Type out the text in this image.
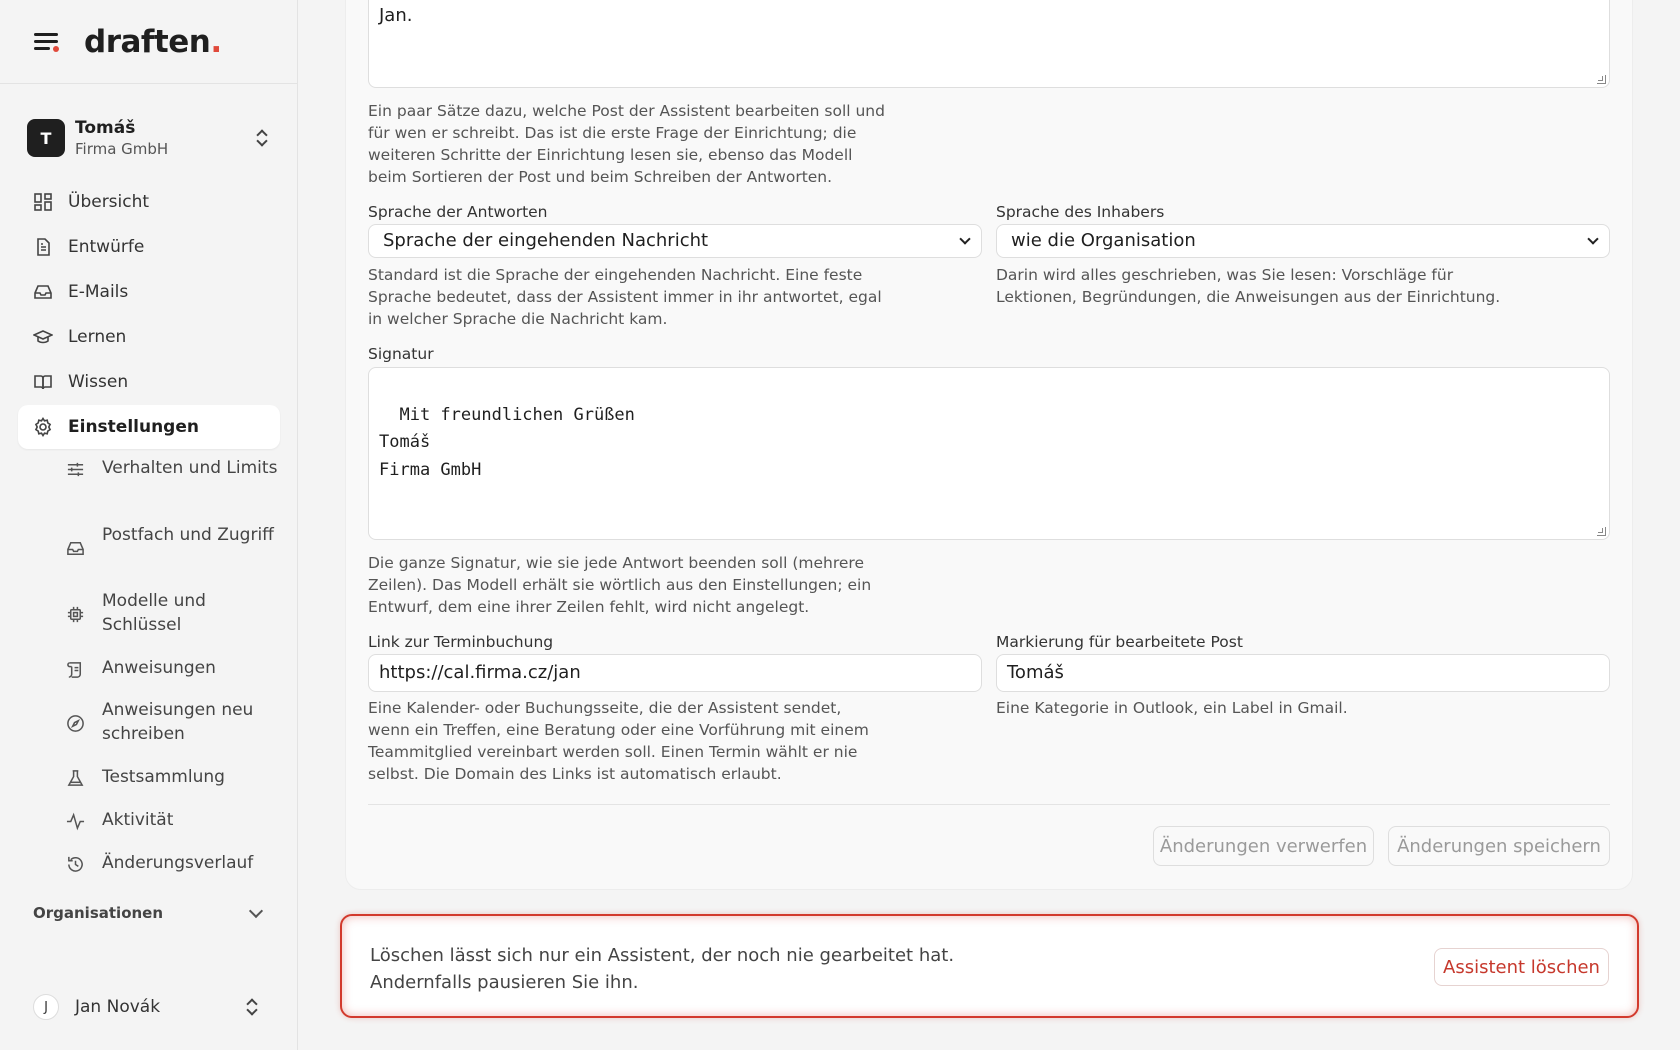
draften.
T	Tomáš
Firma GmbH
Übersicht
Entwürfe
E-Mails
Lernen
Wissen
Einstellungen
Verhalten und Limits
Postfach und Zugriff
Modelle und Schlüssel
Anweisungen
Anweisungen neu schreiben
Testsammlung
Aktivität
Änderungsverlauf
Organisationen
J	Jan Novák
Jan.
Ein paar Sätze dazu, welche Post der Assistent bearbeiten soll und für wen er schreibt. Das ist die erste Frage der Einrichtung; die weiteren Schritte der Einrichtung lesen sie, ebenso das Modell beim Sortieren der Post und beim Schreiben der Antworten.
Sprache der Antworten
Sprache der eingehenden Nachricht
Standard ist die Sprache der eingehenden Nachricht. Eine feste Sprache bedeutet, dass der Assistent immer in ihr antwortet, egal in welcher Sprache die Nachricht kam.
Sprache des Inhabers
wie die Organisation
Darin wird alles geschrieben, was Sie lesen: Vorschläge für Lektionen, Begründungen, die Anweisungen aus der Einrichtung.
Signatur

Mit freundlichen Grüßen
Tomáš
Firma GmbH

Die ganze Signatur, wie sie jede Antwort beenden soll (mehrere Zeilen). Das Modell erhält sie wörtlich aus den Einstellungen; ein Entwurf, dem eine ihrer Zeilen fehlt, wird nicht angelegt.
Link zur Terminbuchung
https://cal.firma.cz/jan
Eine Kalender- oder Buchungsseite, die der Assistent sendet, wenn ein Treffen, eine Beratung oder eine Vorführung mit einem Teammitglied vereinbart werden soll. Einen Termin wählt er nie selbst. Die Domain des Links ist automatisch erlaubt.
Markierung für bearbeitete Post
Tomáš
Eine Kategorie in Outlook, ein Label in Gmail.
Änderungen verwerfen	Änderungen speichern
Löschen lässt sich nur ein Assistent, der noch nie gearbeitet hat.
Andernfalls pausieren Sie ihn.
Assistent löschen
